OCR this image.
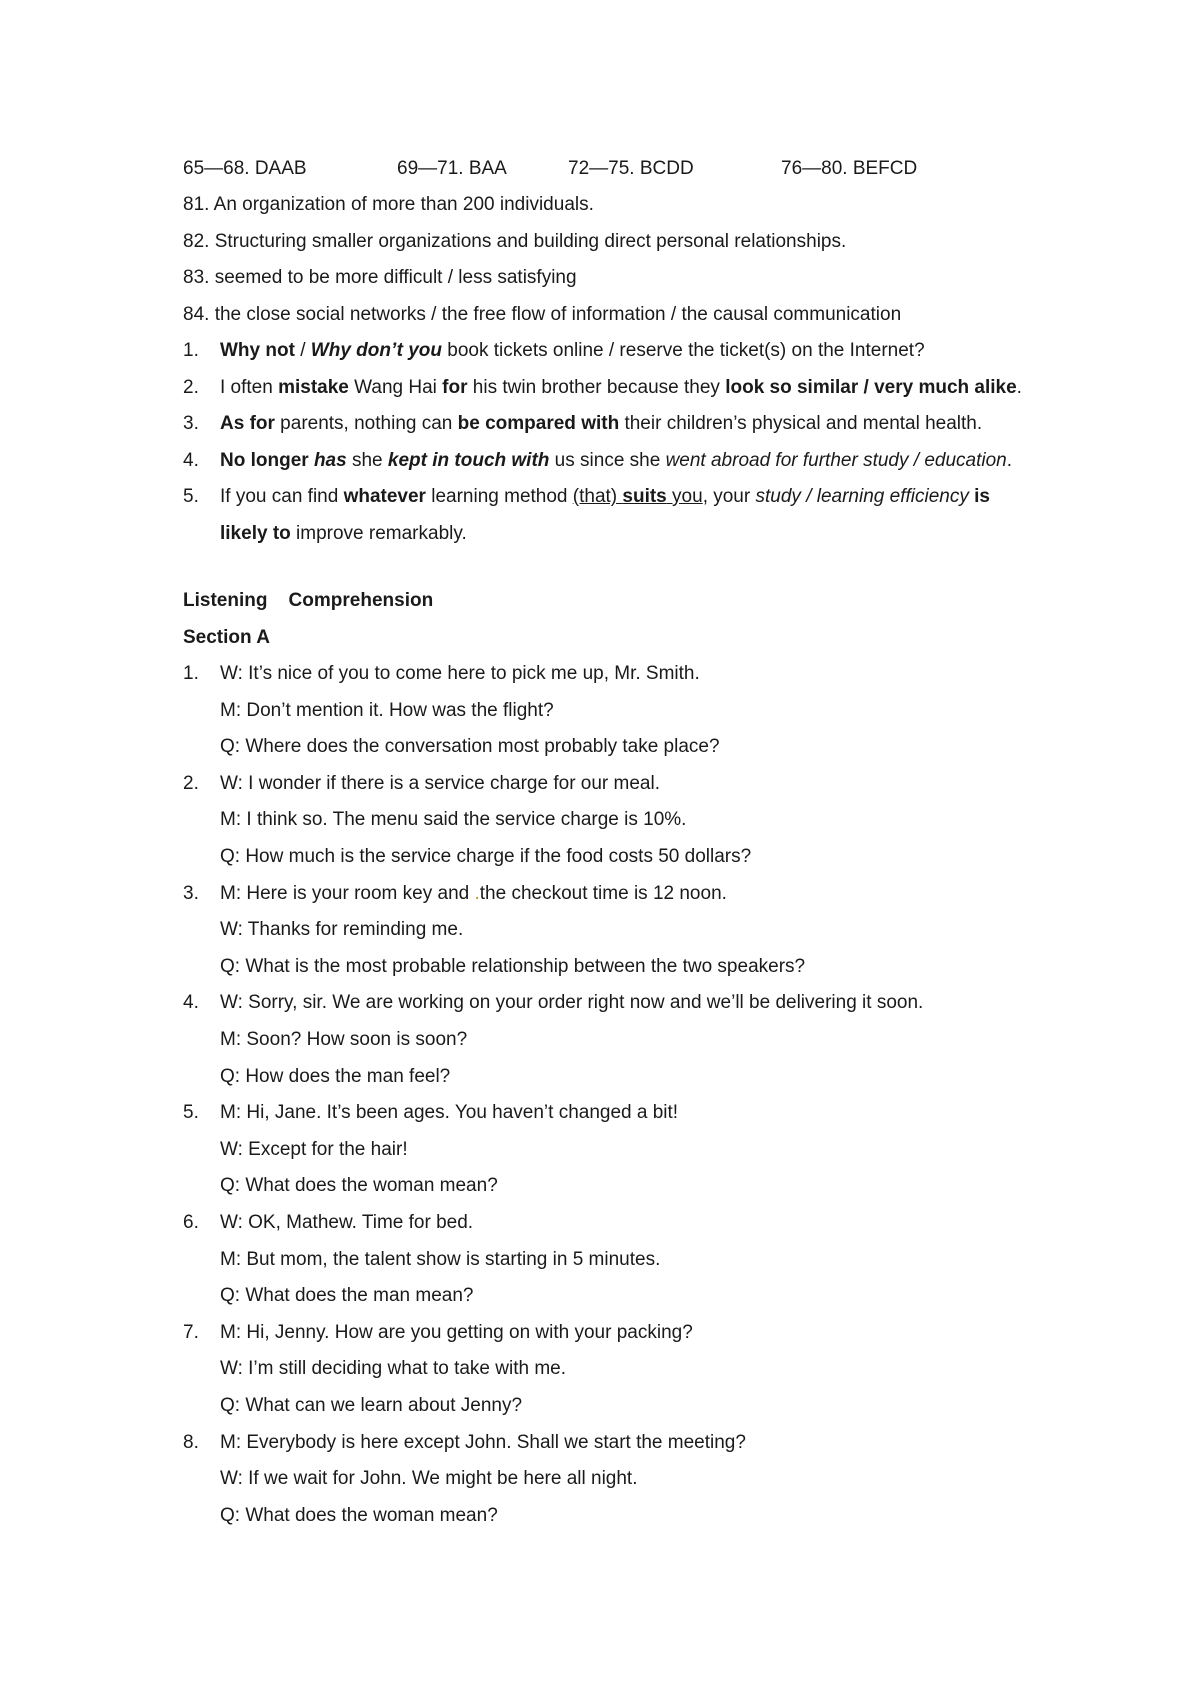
65—68. DAAB	69—71. BAA	72—75. BCDD	76—80. BEFCD
81. An organization of more than 200 individuals.
82. Structuring smaller organizations and building direct personal relationships.
83. seemed to be more difficult / less satisfying
84. the close social networks / the free flow of information / the causal communication
1. Why not / Why don’t you book tickets online / reserve the ticket(s) on the Internet?
2. I often mistake Wang Hai for his twin brother because they look so similar / very much alike.
3. As for parents, nothing can be compared with their children’s physical and mental health.
4. No longer has she kept in touch with us since she went abroad for further study / education.
5. If you can find whatever learning method (that) suits you, your study / learning efficiency is
likely to improve remarkably.
Listening    Comprehension
Section A
1. W: It’s nice of you to come here to pick me up, Mr. Smith.
M: Don’t mention it. How was the flight?
Q: Where does the conversation most probably take place?
2. W: I wonder if there is a service charge for our meal.
M: I think so. The menu said the service charge is 10%.
Q: How much is the service charge if the food costs 50 dollars?
3. M: Here is your room key and .the checkout time is 12 noon.
W: Thanks for reminding me.
Q: What is the most probable relationship between the two speakers?
4. W: Sorry, sir. We are working on your order right now and we’ll be delivering it soon.
M: Soon? How soon is soon?
Q: How does the man feel?
5. M: Hi, Jane. It’s been ages. You haven’t changed a bit!
W: Except for the hair!
Q: What does the woman mean?
6. W: OK, Mathew. Time for bed.
M: But mom, the talent show is starting in 5 minutes.
Q: What does the man mean?
7. M: Hi, Jenny. How are you getting on with your packing?
W: I’m still deciding what to take with me.
Q: What can we learn about Jenny?
8. M: Everybody is here except John. Shall we start the meeting?
W: If we wait for John. We might be here all night.
Q: What does the woman mean?
